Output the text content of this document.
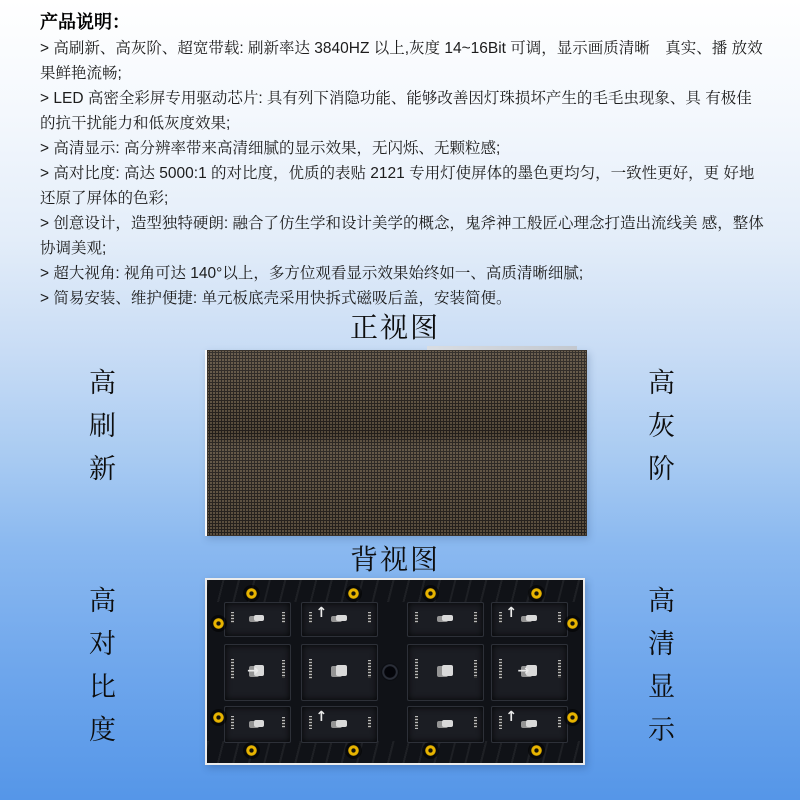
产品说明：

> 高刷新、高灰阶、超宽带载: 刷新率达 3840HZ 以上,灰度 14~16Bit 可调，显示画质清晰　真实、播 放效果鲜艳流畅;

> LED 高密全彩屏专用驱动芯片: 具有列下消隐功能、能够改善因灯珠损坏产生的毛毛虫现象、具 有极佳的抗干扰能力和低灰度效果;

> 高清显示: 高分辨率带来高清细腻的显示效果，无闪烁、无颗粒感;

> 高对比度: 高达 5000:1 的对比度，优质的表贴 2121 专用灯使屏体的墨色更均匀，一致性更好，更 好地还原了屏体的色彩;

> 创意设计，造型独特硬朗: 融合了仿生学和设计美学的概念，鬼斧神工般匠心理念打造出流线美 感，整体协调美观;

> 超大视角: 视角可达 140°以上，多方位观看显示效果始终如一、高质清晰细腻;

> 简易安装、维护便捷: 单元板底壳采用快拆式磁吸后盖，安装简便。

正视图
高刷新	高灰阶
背视图
高对比度	↑	↑
→	→
↑	↑	高清显示
